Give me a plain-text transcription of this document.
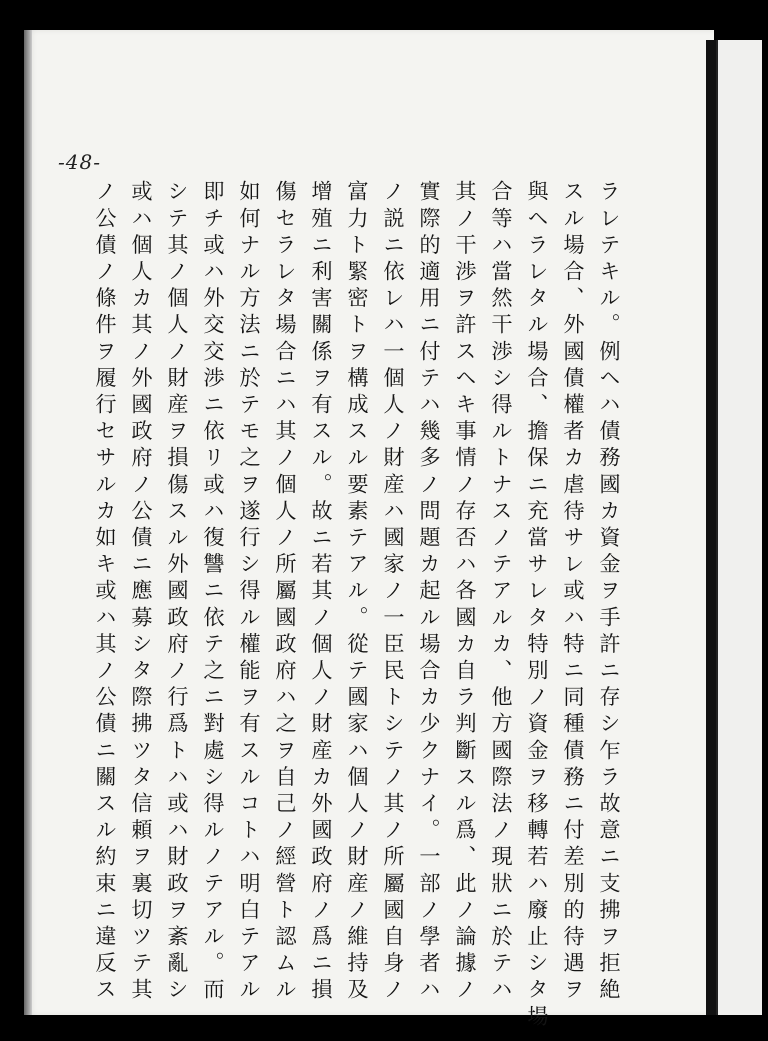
-48-
ラレテキル。例ヘハ債務國カ資金ヲ手許ニ存シ乍ラ故意ニ支拂ヲ拒絶
スル場合、外國債權者カ虐待サレ或ハ特ニ同種債務ニ付差別的待遇ヲ
與ヘラレタル場合、擔保ニ充當サレタ特別ノ資金ヲ移轉若ハ廢止シタ場
合等ハ當然干渉シ得ルトナスノテアルカ、他方國際法ノ現狀ニ於テハ
其ノ干渉ヲ許スヘキ事情ノ存否ハ各國カ自ラ判斷スル爲、此ノ論據ノ
實際的適用ニ付テハ幾多ノ問題カ起ル場合カ少クナイ。一部ノ學者ハ
ノ説ニ依レハ一個人ノ財産ハ國家ノ一臣民トシテノ其ノ所屬國自身ノ
富力ト緊密トヲ構成スル要素テアル。從テ國家ハ個人ノ財産ノ維持及
增殖ニ利害關係ヲ有スル。故ニ若其ノ個人ノ財産カ外國政府ノ爲ニ損
傷セラレタ場合ニハ其ノ個人ノ所屬國政府ハ之ヲ自己ノ經營ト認ムル
如何ナル方法ニ於テモ之ヲ遂行シ得ル權能ヲ有スルコトハ明白テアル
即チ或ハ外交交渉ニ依リ或ハ復讐ニ依テ之ニ對處シ得ルノテアル。而
シテ其ノ個人ノ財産ヲ損傷スル外國政府ノ行爲トハ或ハ財政ヲ紊亂シ
或ハ個人カ其ノ外國政府ノ公債ニ應募シタ際拂ツタ信頼ヲ裏切ツテ其
ノ公債ノ條件ヲ履行セサルカ如キ或ハ其ノ公債ニ關スル約束ニ違反ス
